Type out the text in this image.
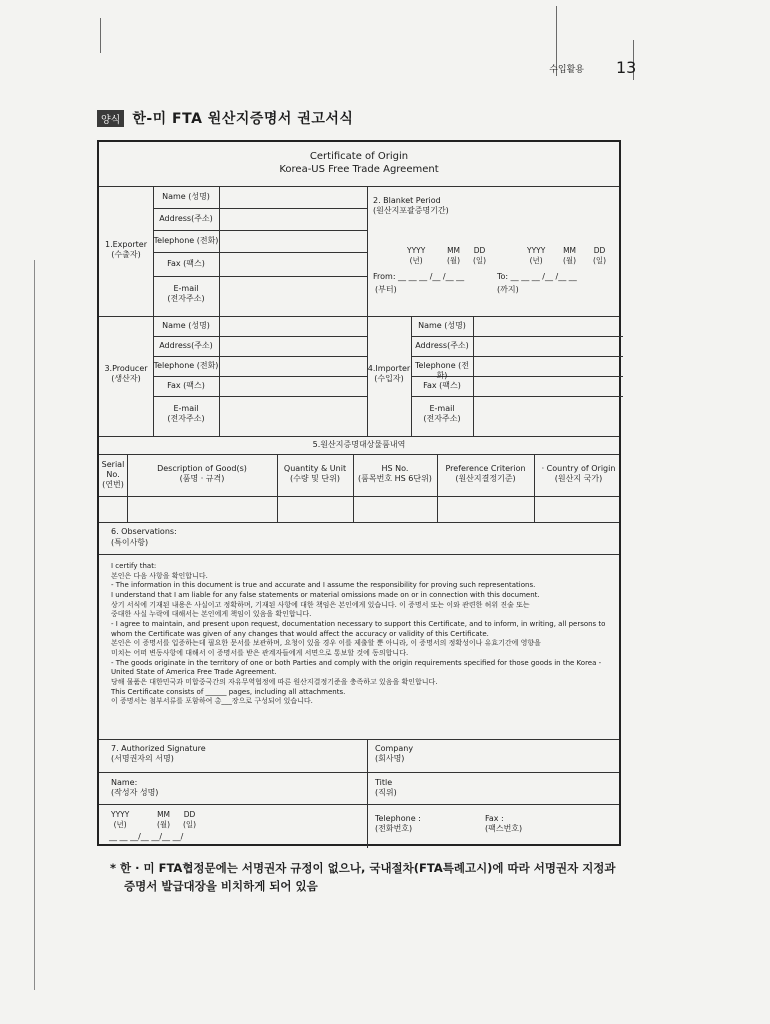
수입활용 13
양식 한-미 FTA 원산지증명서 권고서식
Certificate of Origin
Korea-US Free Trade Agreement
1.Exporter
(수출자)
Name (성명)
Address(주소)
Telephone (전화)
Fax (팩스)
E-mail
(전자주소)
2. Blanket Period
(원산지포괄증명기간)
YYYY
(년)
MM
(월)
DD
(일)
YYYY
(년)
MM
(월)
DD
(일)
From: __ __ __ /__ /__ __
(부터)
To: __ __ __ /__ /__ __
(까지)
3.Producer
(생산자)
Name (성명)
Address(주소)
Telephone (전화)
Fax (팩스)
E-mail
(전자주소)
4.Importer
(수입자)
Name (성명)
Address(주소)
Telephone (전화)
Fax (팩스)
E-mail
(전자주소)
5.원산지증명대상물품내역
Serial
No.
(연번)
Description of Good(s)
(품명 · 규격)
Quantity & Unit
(수량 및 단위)
HS No.
(품목번호 HS 6단위)
Preference Criterion
(원산지결정기준)
· Country of Origin
(원산지 국가)
6. Observations:
(특이사항)

I certify that:

본인은 다음 사항을 확인합니다.

- The information in this document is true and accurate and I assume the responsibility for proving such representations.

I understand that I am liable for any false statements or material omissions made on or in connection with this document.

상기 서식에 기재된 내용은 사실이고 정확하며, 기재된 사항에 대한 책임은 본인에게 있습니다. 이 증명서 또는 이와 관련한 허위 진술 또는

중대한 사실 누락에 대해서는 본인에게 책임이 있음을 확인합니다.

- I agree to maintain, and present upon request, documentation necessary to support this Certificate, and to inform, in writing, all persons to

whom the Certificate was given of any changes that would affect the accuracy or validity of this Certificate.

본인은 이 증명서를 입증하는데 필요한 문서를 보관하며, 요청이 있을 경우 이를 제출할 뿐 아니라, 이 증명서의 정확성이나 유효기간에 영향을

미치는 어떠 변동사항에 대해서 이 증명서를 받은 관계자들에게 서면으로 통보할 것에 동의합니다.

- The goods originate in the territory of one or both Parties and comply with the origin requirements specified for those goods in the Korea -

United State of America Free Trade Agreement.

당해 물품은 대한민국과 미합중국간의 자유무역협정에 따른 원산지결정기준을 충족하고 있음을 확인합니다.

This Certificate consists of ______ pages, including all attachments.

이 증명서는 첨부서류를 포함하여 총___장으로 구성되어 있습니다.

7. Authorized Signature
(서명권자의 서명)
Company
(회사명)
Name:
(작성자 성명)
Title
(직위)
YYYY
(년)
MM
(월)
DD
(일)
__ __ __/__ __/__ __/
Telephone :
(전화번호)
Fax :
(팩스번호)
* 한 · 미 FTA협정문에는 서명권자 규정이 없으나, 국내절차(FTA특례고시)에 따라 서명권자 지정과
증명서 발급대장을 비치하게 되어 있음
